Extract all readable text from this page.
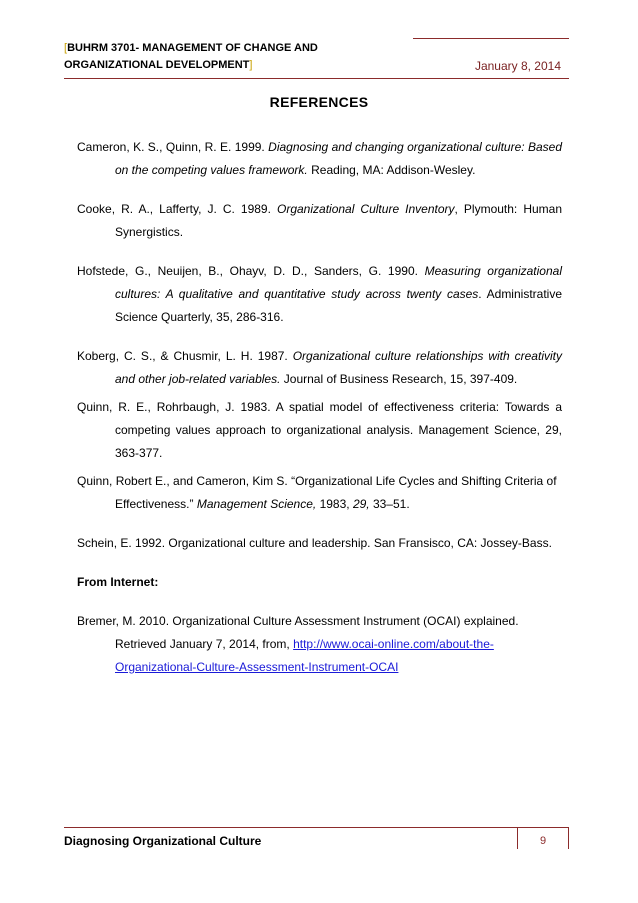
[BUHRM 3701- MANAGEMENT OF CHANGE AND
ORGANIZATIONAL DEVELOPMENT]	January 8, 2014
REFERENCES

Cameron, K. S., Quinn, R. E. 1999. Diagnosing and changing organizational culture: Based on the competing values framework. Reading, MA: Addison-Wesley.

Cooke, R. A., Lafferty, J. C. 1989. Organizational Culture Inventory, Plymouth: Human Synergistics.

Hofstede, G., Neuijen, B., Ohayv, D. D., Sanders, G. 1990. Measuring organizational cultures: A qualitative and quantitative study across twenty cases. Administrative Science Quarterly, 35, 286-316.

Koberg, C. S., & Chusmir, L. H. 1987. Organizational culture relationships with creativity and other job-related variables. Journal of Business Research, 15, 397-409.

Quinn, R. E., Rohrbaugh, J. 1983. A spatial model of effectiveness criteria: Towards a competing values approach to organizational analysis. Management Science, 29, 363-377.

Quinn, Robert E., and Cameron, Kim S. “Organizational Life Cycles and Shifting Criteria of Effectiveness.” Management Science, 1983, 29, 33–51.

Schein, E. 1992. Organizational culture and leadership. San Fransisco, CA: Jossey-Bass.

From Internet:

Bremer, M. 2010. Organizational Culture Assessment Instrument (OCAI) explained. Retrieved January 7, 2014, from, http://www.ocai-online.com/about-the-Organizational-Culture-Assessment-Instrument-OCAI

Diagnosing Organizational Culture	9
